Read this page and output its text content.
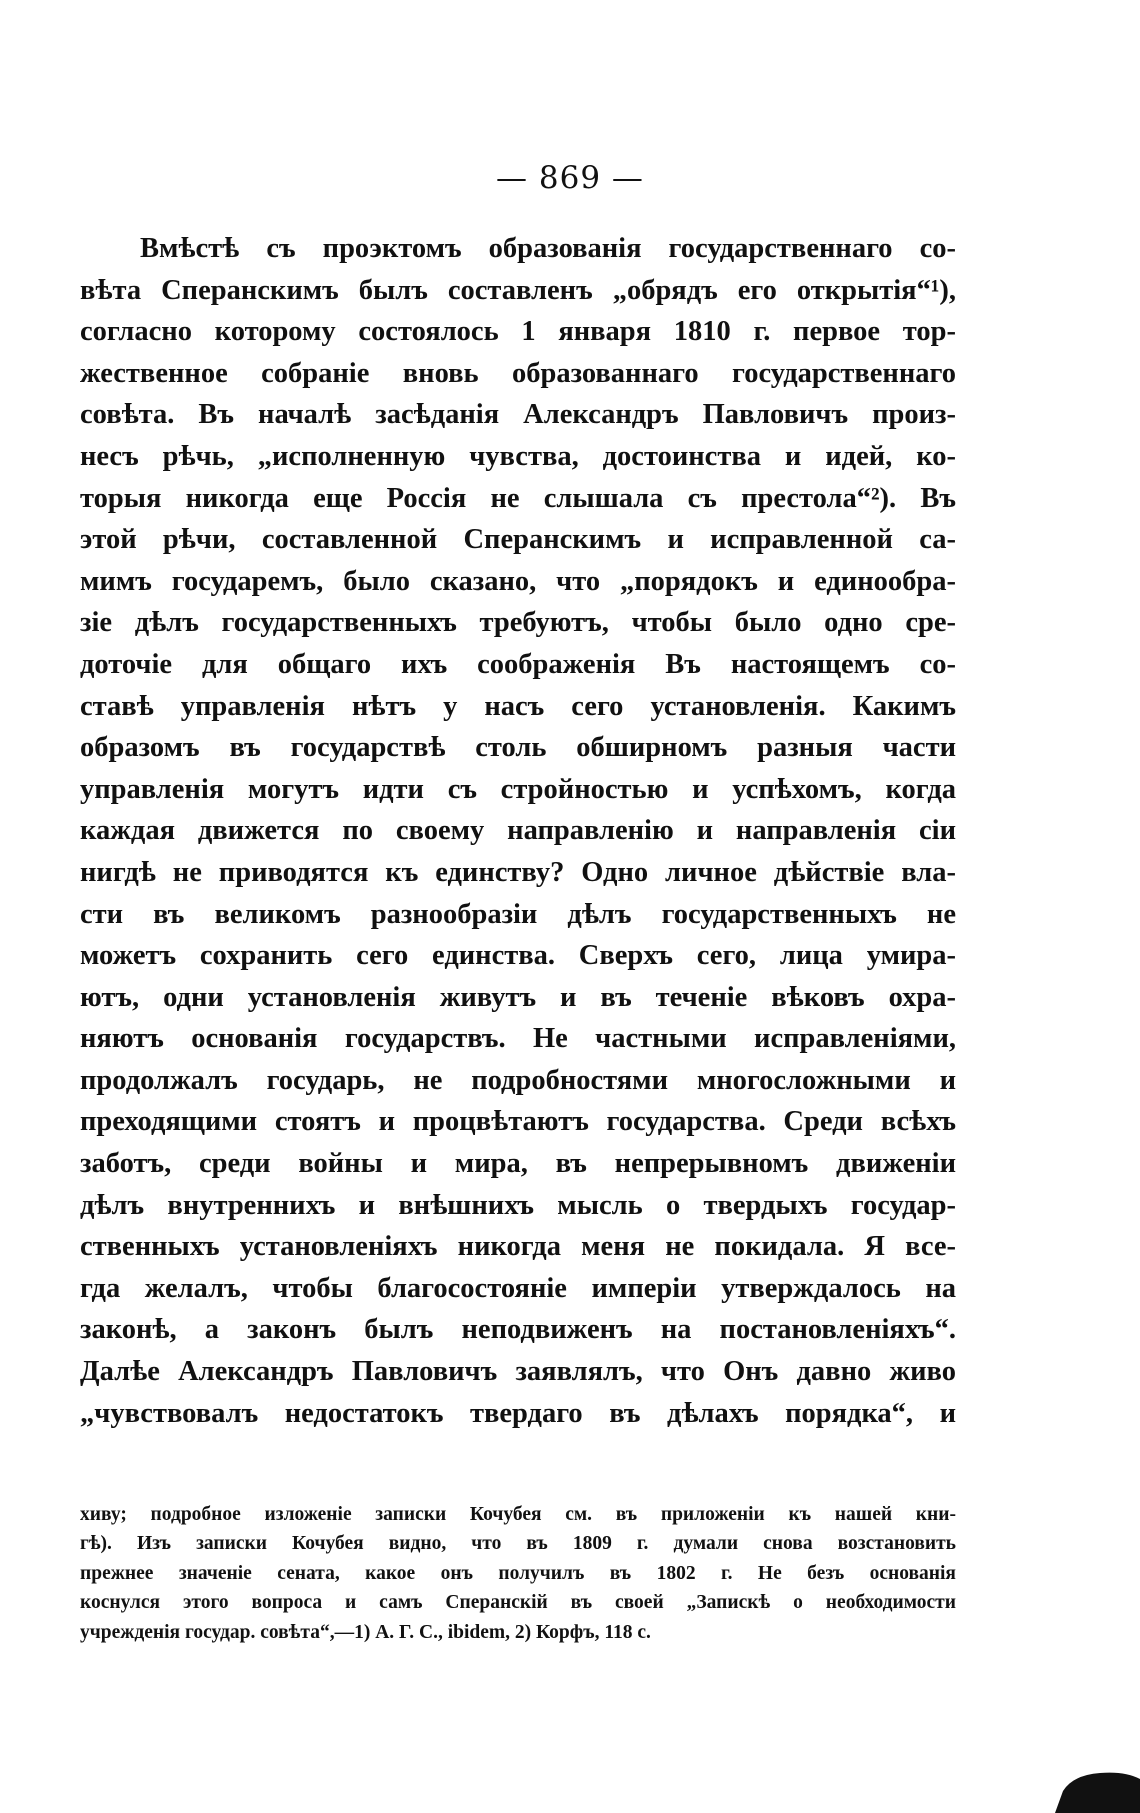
— 869 —
Вмѣстѣ съ проэктомъ образованія государственнаго со-
вѣта Сперанскимъ былъ составленъ „обрядъ его открытія“¹),
согласно которому состоялось 1 января 1810 г. первое тор-
жественное собраніе вновь образованнаго государственнаго
совѣта. Въ началѣ засѣданія Александръ Павловичъ произ-
несъ рѣчь, „исполненную чувства, достоинства и идей, ко-
торыя никогда еще Россія не слышала съ престола“²). Въ
этой рѣчи, составленной Сперанскимъ и исправленной са-
мимъ государемъ, было сказано, что „порядокъ и единообра-
зіе дѣлъ государственныхъ требуютъ, чтобы было одно сре-
доточіе для общаго ихъ соображенія Въ настоящемъ со-
ставѣ управленія нѣтъ у насъ сего установленія. Какимъ
образомъ въ государствѣ столь обширномъ разныя части
управленія могутъ идти съ стройностью и успѣхомъ, когда
каждая движется по своему направленію и направленія сіи
нигдѣ не приводятся къ единству? Одно личное дѣйствіе вла-
сти въ великомъ разнообразіи дѣлъ государственныхъ не
можетъ сохранить сего единства. Сверхъ сего, лица умира-
ютъ, одни установленія живутъ и въ теченіе вѣковъ охра-
няютъ основанія государствъ. Не частными исправленіями,
продолжалъ государь, не подробностями многосложными и
преходящими стоятъ и процвѣтаютъ государства. Среди всѣхъ
заботъ, среди войны и мира, въ непрерывномъ движеніи
дѣлъ внутреннихъ и внѣшнихъ мысль о твердыхъ государ-
ственныхъ установленіяхъ никогда меня не покидала. Я все-
гда желалъ, чтобы благосостояніе имперіи утверждалось на
законѣ, а законъ былъ неподвиженъ на постановленіяхъ“.
Далѣе Александръ Павловичъ заявлялъ, что Онъ давно живо
„чувствовалъ недостатокъ твердаго въ дѣлахъ порядка“, и
хиву; подробное изложеніе записки Кочубея см. въ приложеніи къ нашей кни-
гѣ). Изъ записки Кочубея видно, что въ 1809 г. думали снова возстановить
прежнее значеніе сената, какое онъ получилъ въ 1802 г. Не безъ основанія
коснулся этого вопроса и самъ Сперанскій въ своей „Запискѣ о необходимости
учрежденія государ. совѣта“,—1) А. Г. С., ibidem, 2) Корфъ, 118 с.
